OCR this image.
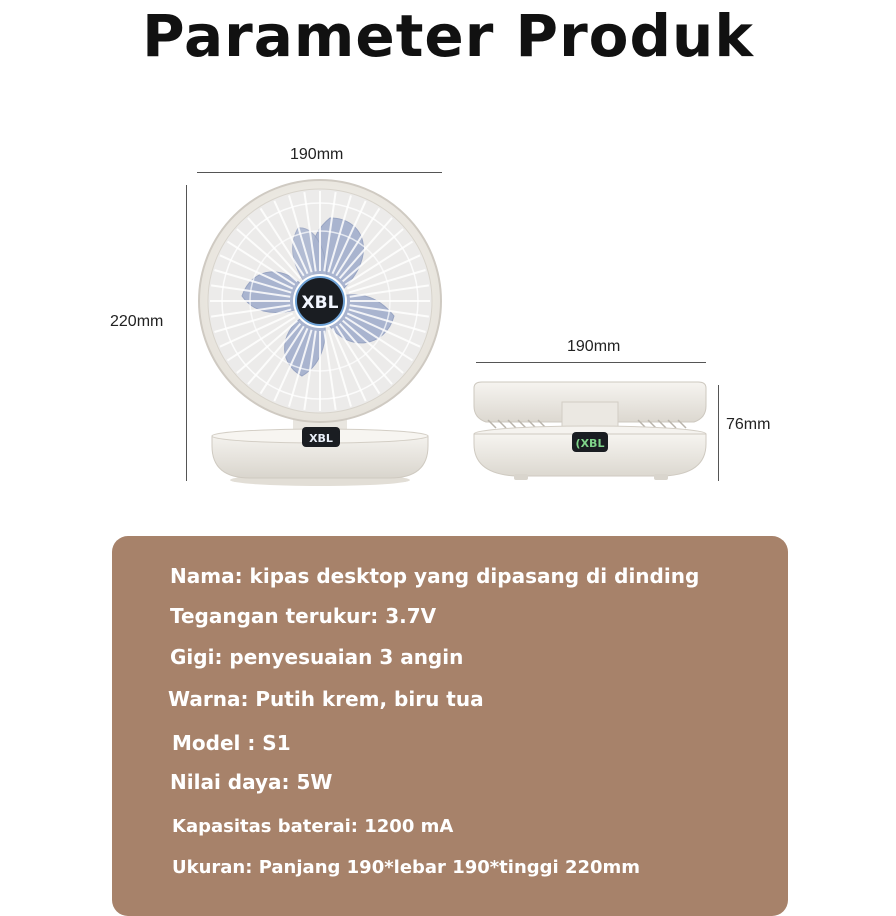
Parameter Produk
190mm
220mm
190mm
76mm
XBL
XBL
(XBL
Nama: kipas desktop yang dipasang di dinding
Tegangan terukur: 3.7V
Gigi: penyesuaian 3 angin
Warna: Putih krem, biru tua
Model : S1
Nilai daya: 5W
Kapasitas baterai: 1200 mA
Ukuran: Panjang 190*lebar 190*tinggi 220mm
